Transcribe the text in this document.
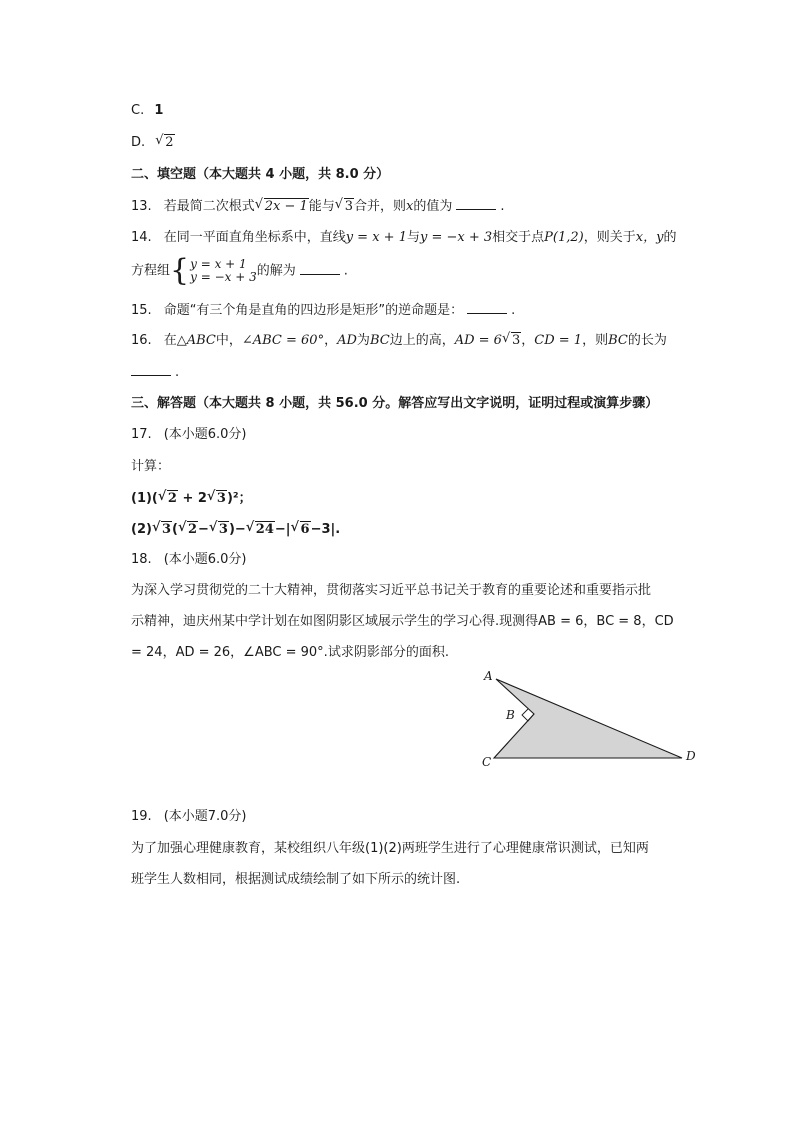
C. 1
D. √ 2
二、填空题（本大题共 4 小题，共 8.0 分）
13. 若最简二次根式 √ 2x − 1能与 √ 3合并，则x的值为	.
14. 在同一平面直角坐标系中，直线y = x + 1与y = −x + 3相交于点P(1,2)，则关于x，y的
方程组{ y = x + 1
y = −x + 3 的解为	.
15. 命题“有三个角是直角的四边形是矩形”的逆命题是：	.
16. 在△ABC中，∠ABC = 60°，AD为BC边上的高，AD = 6 √ 3，CD = 1，则BC的长为
.
三、解答题（本大题共 8 小题，共 56.0 分。解答应写出文字说明，证明过程或演算步骤）
17. (本小题6.0分)
计算：
(1)( √ 2 + 2 √ 3)²；
(2) √ 3( √ 2− √ 3)− √ 24−| √ 6−3|.
18. (本小题6.0分)
为深入学习贯彻党的二十大精神，贯彻落实习近平总书记关于教育的重要论述和重要指示批
示精神，迪庆州某中学计划在如图阴影区域展示学生的学习心得.现测得AB = 6，BC = 8，CD
= 24，AD = 26，∠ABC = 90°.试求阴影部分的面积.
A
B
C	D
19. (本小题7.0分)
为了加强心理健康教育，某校组织八年级(1)(2)两班学生进行了心理健康常识测试，已知两
班学生人数相同，根据测试成绩绘制了如下所示的统计图.
